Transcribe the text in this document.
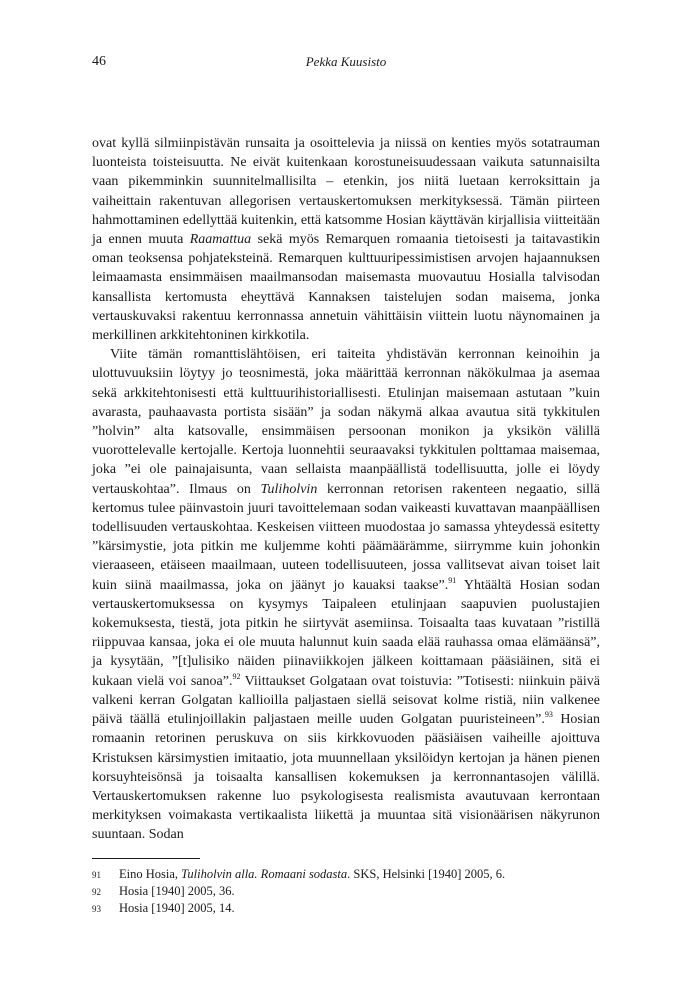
46	Pekka Kuusisto

ovat kyllä silmiinpistävän runsaita ja osoittelevia ja niissä on kenties myös sotatrauman luonteista toisteisuutta. Ne eivät kuitenkaan korostuneisuudessaan vaikuta satunnaisilta vaan pikemminkin suunnitelmallisilta – etenkin, jos niitä luetaan kerroksittain ja vaiheittain rakentuvan allegorisen vertauskertomuksen merkityksessä. Tämän piirteen hahmottaminen edellyttää kuitenkin, että katsomme Hosian käyttävän kirjallisia viitteitään ja ennen muuta Raamattua sekä myös Remarquen romaania tietoisesti ja taitavastikin oman teoksensa pohjateksteinä. Remarquen kulttuuripessimistisen arvojen hajaannuksen leimaamasta ensimmäisen maailmansodan maisemasta muovautuu Hosialla talvisodan kansallista kertomusta eheyttävä Kannaksen taistelujen sodan maisema, jonka vertauskuvaksi rakentuu kerronnassa annetuin vähittäisin viittein luotu näynomainen ja merkillinen arkkitehtoninen kirkkotila.

Viite tämän romanttislähtöisen, eri taiteita yhdistävän kerronnan keinoihin ja ulottuvuuksiin löytyy jo teosnimestä, joka määrittää kerronnan näkökulmaa ja asemaa sekä arkkitehtonisesti että kulttuurihistoriallisesti. Etulinjan maisemaan astutaan ”kuin avarasta, pauhaavasta portista sisään” ja sodan näkymä alkaa avautua sitä tykkitulen ”holvin” alta katsovalle, ensimmäisen persoonan monikon ja yksikön välillä vuorottelevalle kertojalle. Kertoja luonnehtii seuraavaksi tykkitulen polttamaa maisemaa, joka ”ei ole painajaisunta, vaan sellaista maanpäällistä todellisuutta, jolle ei löydy vertauskohtaa”. Ilmaus on Tuliholvin kerronnan retorisen rakenteen negaatio, sillä kertomus tulee päinvastoin juuri tavoittelemaan sodan vaikeasti kuvattavan maanpäällisen todellisuuden vertauskohtaa. Keskeisen viitteen muodostaa jo samassa yhteydessä esitetty ”kärsimystie, jota pitkin me kuljemme kohti päämäärämme, siirrymme kuin johonkin vieraaseen, etäiseen maailmaan, uuteen todellisuuteen, jossa vallitsevat aivan toiset lait kuin siinä maailmassa, joka on jäänyt jo kauaksi taakse”.$^{91}$ Yhtäältä Hosian sodan vertauskertomuksessa on kysymys Taipaleen etulinjaan saapuvien puolustajien kokemuksesta, tiestä, jota pitkin he siirtyvät asemiinsa. Toisaalta taas kuvataan ”ristillä riippuvaa kansaa, joka ei ole muuta halunnut kuin saada elää rauhassa omaa elämäänsä”, ja kysytään, ”[t]ulisiko näiden piinaviikkojen jälkeen koittamaan pääsiäinen, sitä ei kukaan vielä voi sanoa”.$^{92}$ Viittaukset Golgataan ovat toistuvia: ”Totisesti: niinkuin päivä valkeni kerran Golgatan kallioilla paljastaen siellä seisovat kolme ristiä, niin valkenee päivä täällä etulinjoillakin paljastaen meille uuden Golgatan puuristeineen”.$^{93}$ Hosian romaanin retorinen peruskuva on siis kirkkovuoden pääsiäisen vaiheille ajoittuva Kristuksen kärsimystien imitaatio, jota muunnellaan yksilöidyn kertojan ja hänen pienen korsuyhteisönsä ja toisaalta kansallisen kokemuksen ja kerronnantasojen välillä. Vertauskertomuksen rakenne luo psykologisesta realismista avautuvaan kerrontaan merkityksen voimakasta vertikaalista liikettä ja muuntaa sitä visionäärisen näkyrunon suuntaan. Sodan

91	Eino Hosia, Tuliholvin alla. Romaani sodasta. SKS, Helsinki [1940] 2005, 6.
92	Hosia [1940] 2005, 36.
93	Hosia [1940] 2005, 14.
